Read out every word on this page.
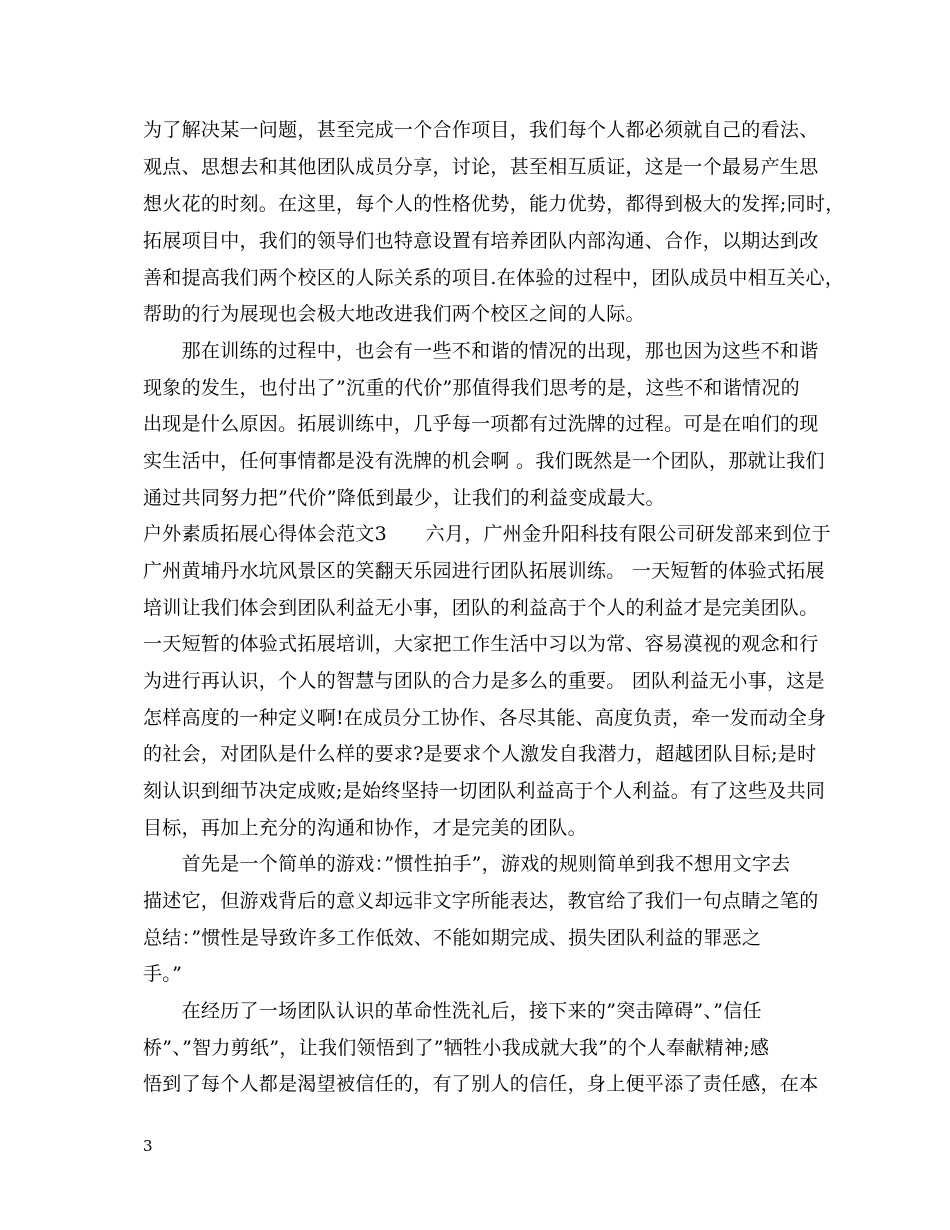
为了解决某一问题，甚至完成一个合作项目，我们每个人都必须就自己的看法、
观点、思想去和其他团队成员分享，讨论，甚至相互质证，这是一个最易产生思
想火花的时刻。在这里，每个人的性格优势，能力优势，都得到极大的发挥;同时，
拓展项目中，我们的领导们也特意设置有培养团队内部沟通、合作，以期达到改
善和提高我们两个校区的人际关系的项目.在体验的过程中，团队成员中相互关心，
帮助的行为展现也会极大地改进我们两个校区之间的人际。
　　那在训练的过程中，也会有一些不和谐的情况的出现，那也因为这些不和谐
现象的发生，也付出了”沉重的代价”那值得我们思考的是，这些不和谐情况的
出现是什么原因。拓展训练中，几乎每一项都有过洗牌的过程。可是在咱们的现
实生活中，任何事情都是没有洗牌的机会啊 。我们既然是一个团队，那就让我们
通过共同努力把”代价”降低到最少，让我们的利益变成最大。
户外素质拓展心得体会范文3　　六月，广州金升阳科技有限公司研发部来到位于
广州黄埔丹水坑风景区的笑翻天乐园进行团队拓展训练。 一天短暂的体验式拓展
培训让我们体会到团队利益无小事，团队的利益高于个人的利益才是完美团队。
一天短暂的体验式拓展培训，大家把工作生活中习以为常、容易漠视的观念和行
为进行再认识，个人的智慧与团队的合力是多么的重要。 团队利益无小事，这是
怎样高度的一种定义啊!在成员分工协作、各尽其能、高度负责，牵一发而动全身
的社会，对团队是什么样的要求?是要求个人激发自我潜力，超越团队目标;是时
刻认识到细节决定成败;是始终坚持一切团队利益高于个人利益。有了这些及共同
目标，再加上充分的沟通和协作，才是完美的团队。
　　首先是一个简单的游戏：”惯性拍手”，游戏的规则简单到我不想用文字去
描述它，但游戏背后的意义却远非文字所能表达，教官给了我们一句点睛之笔的
总结：”惯性是导致许多工作低效、不能如期完成、损失团队利益的罪恶之
手。”
　　在经历了一场团队认识的革命性洗礼后，接下来的”突击障碍”、”信任
桥”、”智力剪纸”，让我们领悟到了”牺牲小我成就大我”的个人奉献精神;感
悟到了每个人都是渴望被信任的，有了别人的信任，身上便平添了责任感，在本
3
